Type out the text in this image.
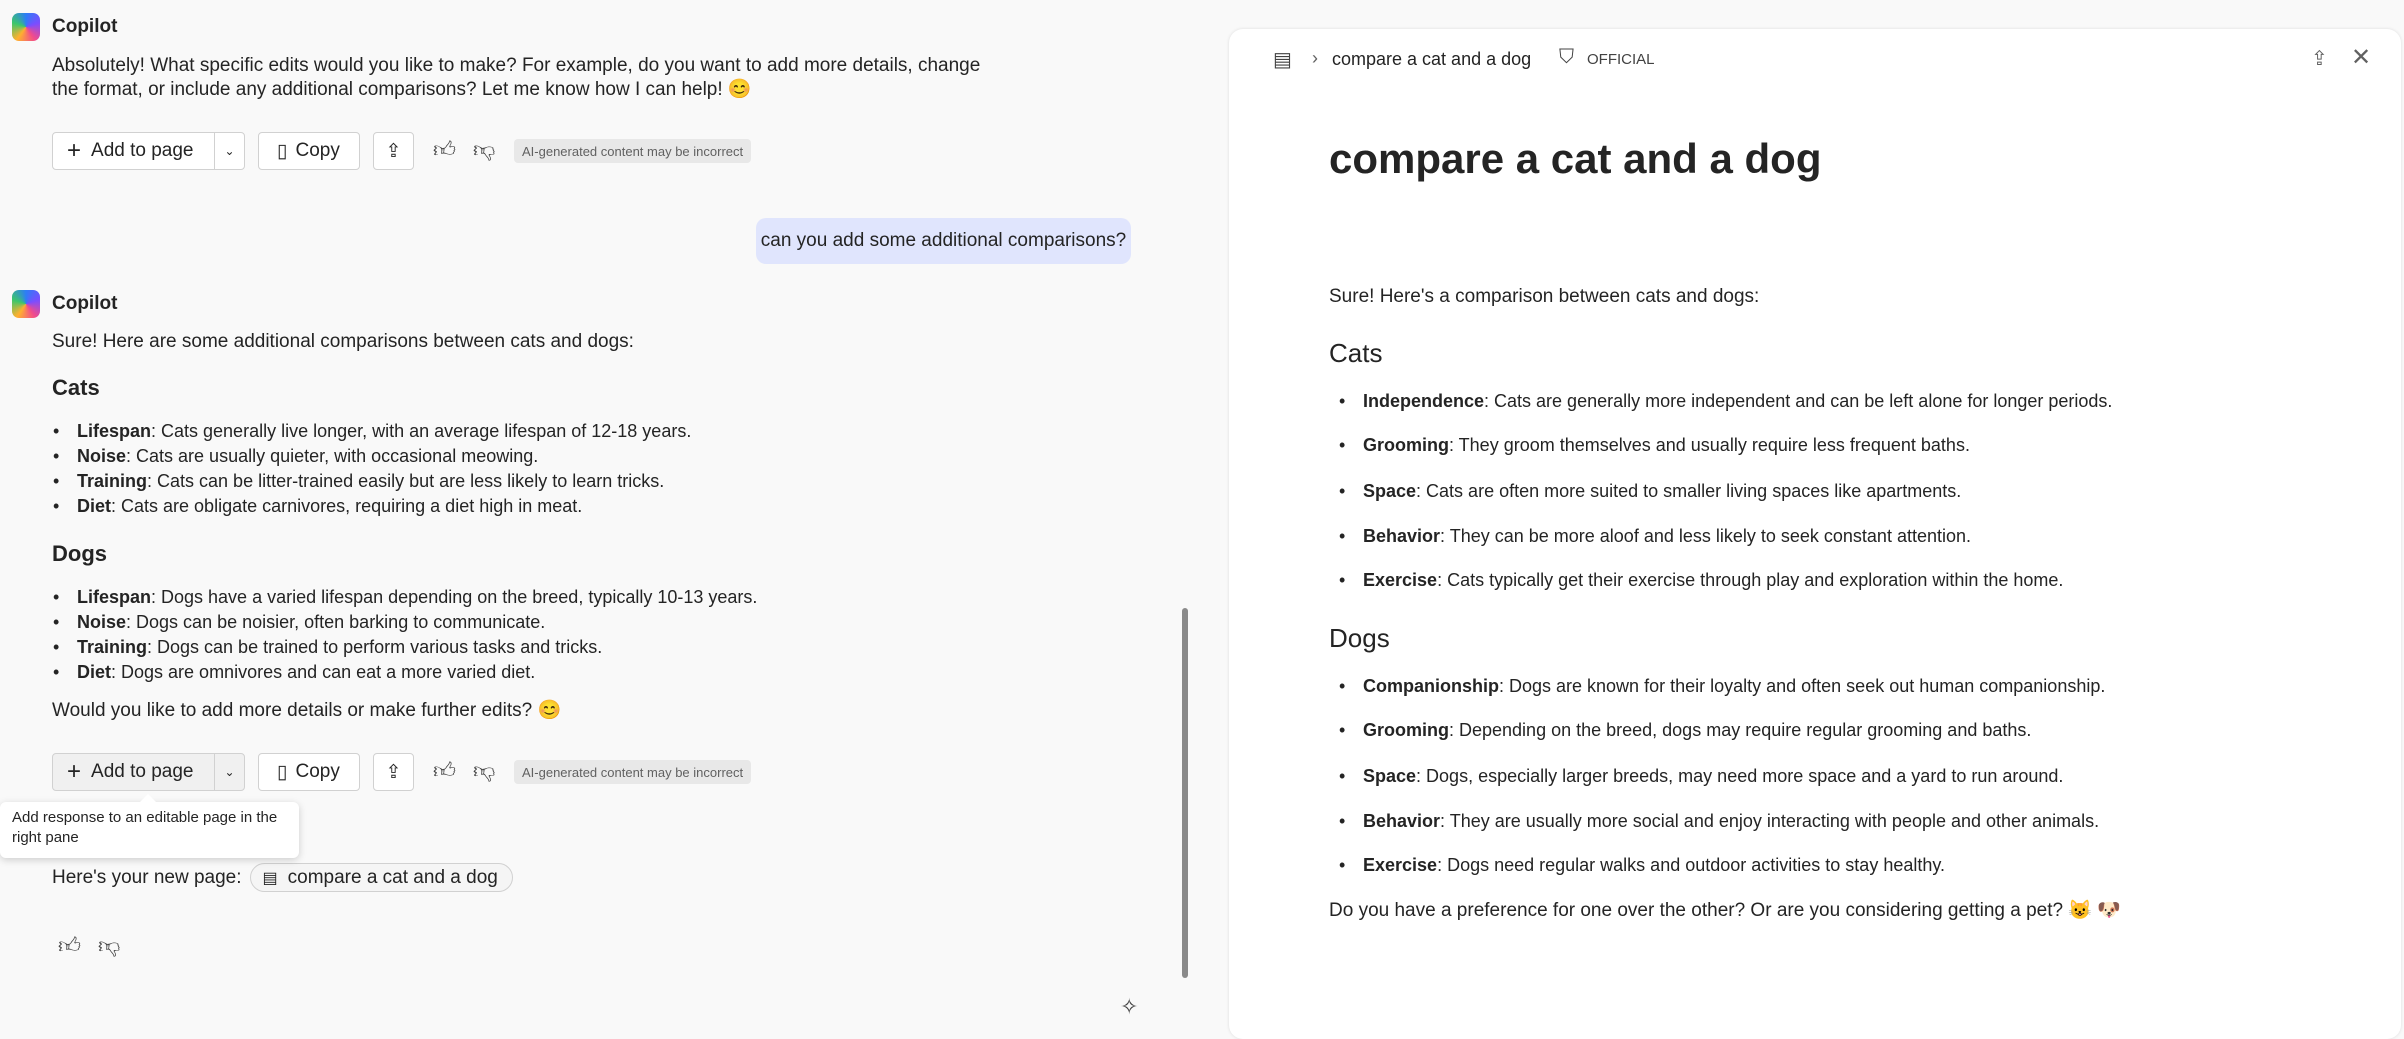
Copilot
Absolutely! What specific edits would you like to make? For example, do you want to add more details, change
the format, or include any additional comparisons? Let me know how I can help! 😊
+ Add to page	⌄	▯ Copy ⇪ 👍︎ 👎︎	AI-generated content may be incorrect
can you add some additional comparisons?
Copilot
Sure! Here are some additional comparisons between cats and dogs:
Cats
• Lifespan: Cats generally live longer, with an average lifespan of 12-18 years.
• Noise: Cats are usually quieter, with occasional meowing.
• Training: Cats can be litter-trained easily but are less likely to learn tricks.
• Diet: Cats are obligate carnivores, requiring a diet high in meat.
Dogs
• Lifespan: Dogs have a varied lifespan depending on the breed, typically 10-13 years.
• Noise: Dogs can be noisier, often barking to communicate.
• Training: Dogs can be trained to perform various tasks and tricks.
• Diet: Dogs are omnivores and can eat a more varied diet.
Would you like to add more details or make further edits? 😊
+ Add to page	⌄	▯ Copy ⇪ 👍︎ 👎︎	AI-generated content may be incorrect
Add response to an editable page in the right pane
Here's your new page: ▤ compare a cat and a dog
👍︎ 👎︎
✧
▤ › compare a cat and a dog ⛉ OFFICIAL	⇪ ✕
compare a cat and a dog
Sure! Here's a comparison between cats and dogs:
Cats
• Independence: Cats are generally more independent and can be left alone for longer periods.
• Grooming: They groom themselves and usually require less frequent baths.
• Space: Cats are often more suited to smaller living spaces like apartments.
• Behavior: They can be more aloof and less likely to seek constant attention.
• Exercise: Cats typically get their exercise through play and exploration within the home.
Dogs
• Companionship: Dogs are known for their loyalty and often seek out human companionship.
• Grooming: Depending on the breed, dogs may require regular grooming and baths.
• Space: Dogs, especially larger breeds, may need more space and a yard to run around.
• Behavior: They are usually more social and enjoy interacting with people and other animals.
• Exercise: Dogs need regular walks and outdoor activities to stay healthy.
Do you have a preference for one over the other? Or are you considering getting a pet? 😺 🐶
